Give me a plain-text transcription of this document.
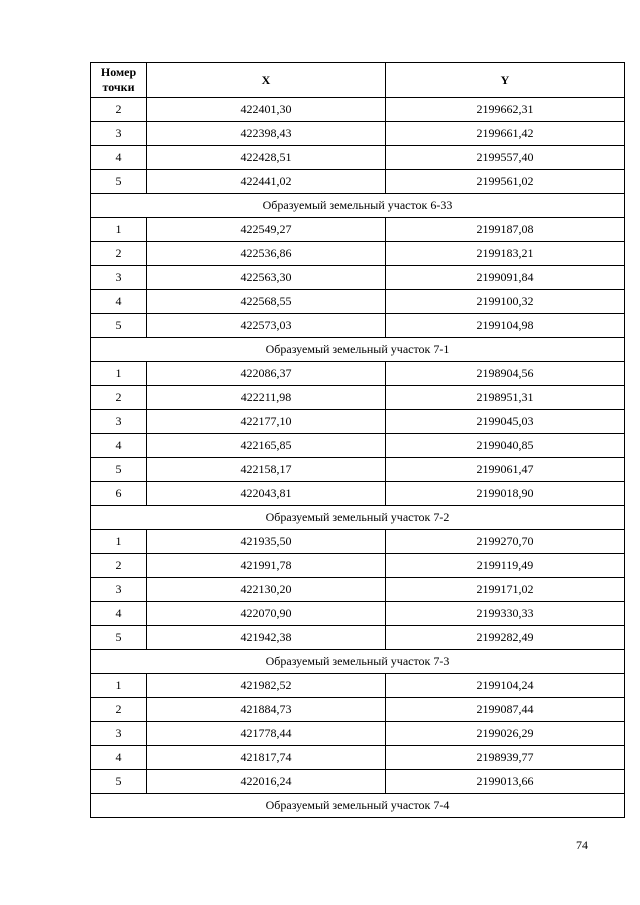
Номер точки	X	Y
2	422401,30	2199662,31
3	422398,43	2199661,42
4	422428,51	2199557,40
5	422441,02	2199561,02
Образуемый земельный участок 6-33		
1	422549,27	2199187,08
2	422536,86	2199183,21
3	422563,30	2199091,84
4	422568,55	2199100,32
5	422573,03	2199104,98
Образуемый земельный участок 7-1		
1	422086,37	2198904,56
2	422211,98	2198951,31
3	422177,10	2199045,03
4	422165,85	2199040,85
5	422158,17	2199061,47
6	422043,81	2199018,90
Образуемый земельный участок 7-2		
1	421935,50	2199270,70
2	421991,78	2199119,49
3	422130,20	2199171,02
4	422070,90	2199330,33
5	421942,38	2199282,49
Образуемый земельный участок 7-3		
1	421982,52	2199104,24
2	421884,73	2199087,44
3	421778,44	2199026,29
4	421817,74	2198939,77
5	422016,24	2199013,66
Образуемый земельный участок 7-4		
74
